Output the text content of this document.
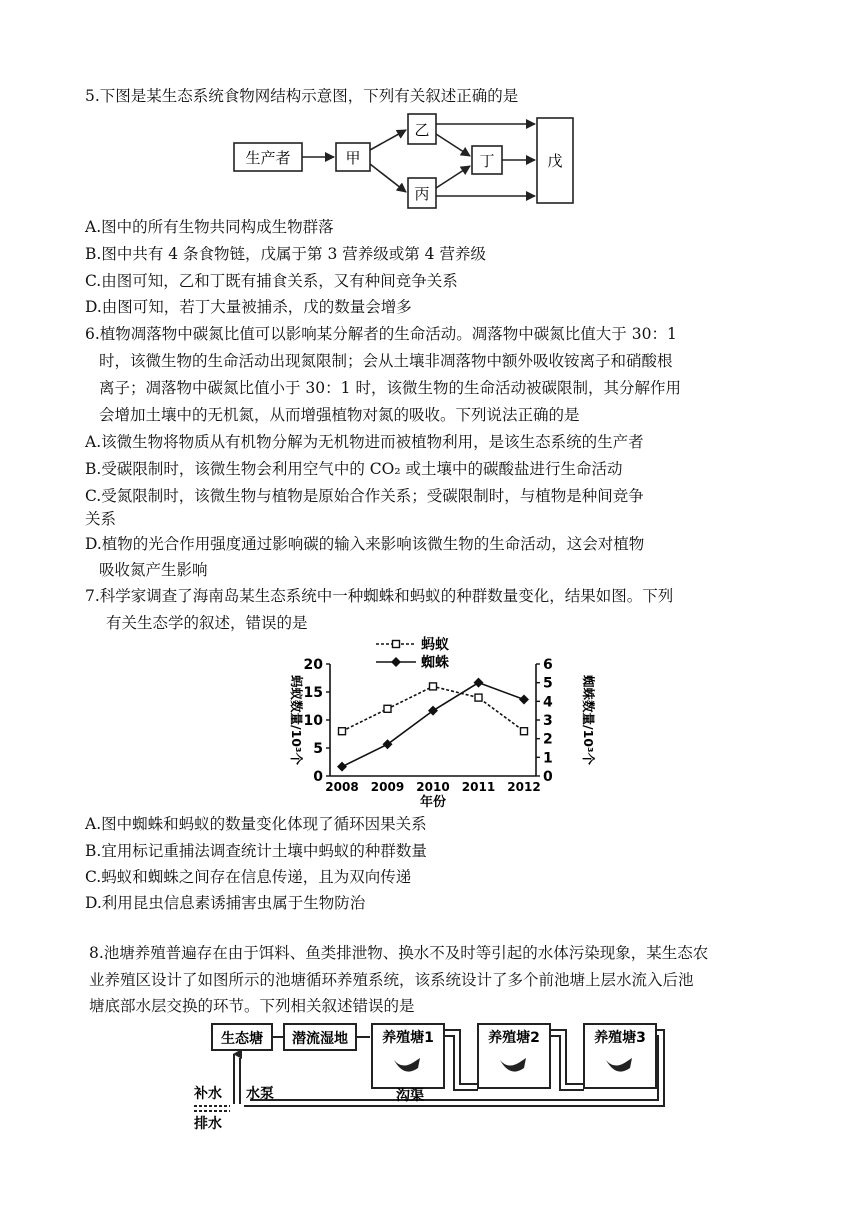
5.下图是某生态系统食物网结构示意图，下列有关叙述正确的是
生产者	甲
乙
丙
丁	戊
A.图中的所有生物共同构成生物群落
B.图中共有 4 条食物链，戊属于第 3 营养级或第 4 营养级
C.由图可知，乙和丁既有捕食关系，又有种间竞争关系
D.由图可知，若丁大量被捕杀，戊的数量会增多
6.植物凋落物中碳氮比值可以影响某分解者的生命活动。凋落物中碳氮比值大于 30：1
时，该微生物的生命活动出现氮限制；会从土壤非凋落物中额外吸收铵离子和硝酸根
离子；凋落物中碳氮比值小于 30：1 时，该微生物的生命活动被碳限制，其分解作用
会增加土壤中的无机氮，从而增强植物对氮的吸收。下列说法正确的是
A.该微生物将物质从有机物分解为无机物进而被植物利用，是该生态系统的生产者
B.受碳限制时，该微生物会利用空气中的 CO₂ 或土壤中的碳酸盐进行生命活动
C.受氮限制时，该微生物与植物是原始合作关系；受碳限制时，与植物是种间竞争
关系
D.植物的光合作用强度通过影响碳的输入来影响该微生物的生命活动，这会对植物
吸收氮产生影响
7.科学家调查了海南岛某生态系统中一种蜘蛛和蚂蚁的种群数量变化，结果如图。下列
有关生态学的叙述，错误的是
0
5
10
15
20
0
1
2
3
4
5
6
2008 2009 2010 2011 2012
年份
蚂蚁数量/10³个	蜘蛛数量/10³个
蚂蚁
蜘蛛
A.图中蜘蛛和蚂蚁的数量变化体现了循环因果关系
B.宜用标记重捕法调查统计土壤中蚂蚁的种群数量
C.蚂蚁和蜘蛛之间存在信息传递，且为双向传递
D.利用昆虫信息素诱捕害虫属于生物防治
8.池塘养殖普遍存在由于饵料、鱼类排泄物、换水不及时等引起的水体污染现象，某生态农
业养殖区设计了如图所示的池塘循环养殖系统，该系统设计了多个前池塘上层水流入后池
塘底部水层交换的环节。下列相关叙述错误的是
生态塘 潜流湿地 养殖塘1	养殖塘2	养殖塘3
沟渠
水泵
补水
排水
